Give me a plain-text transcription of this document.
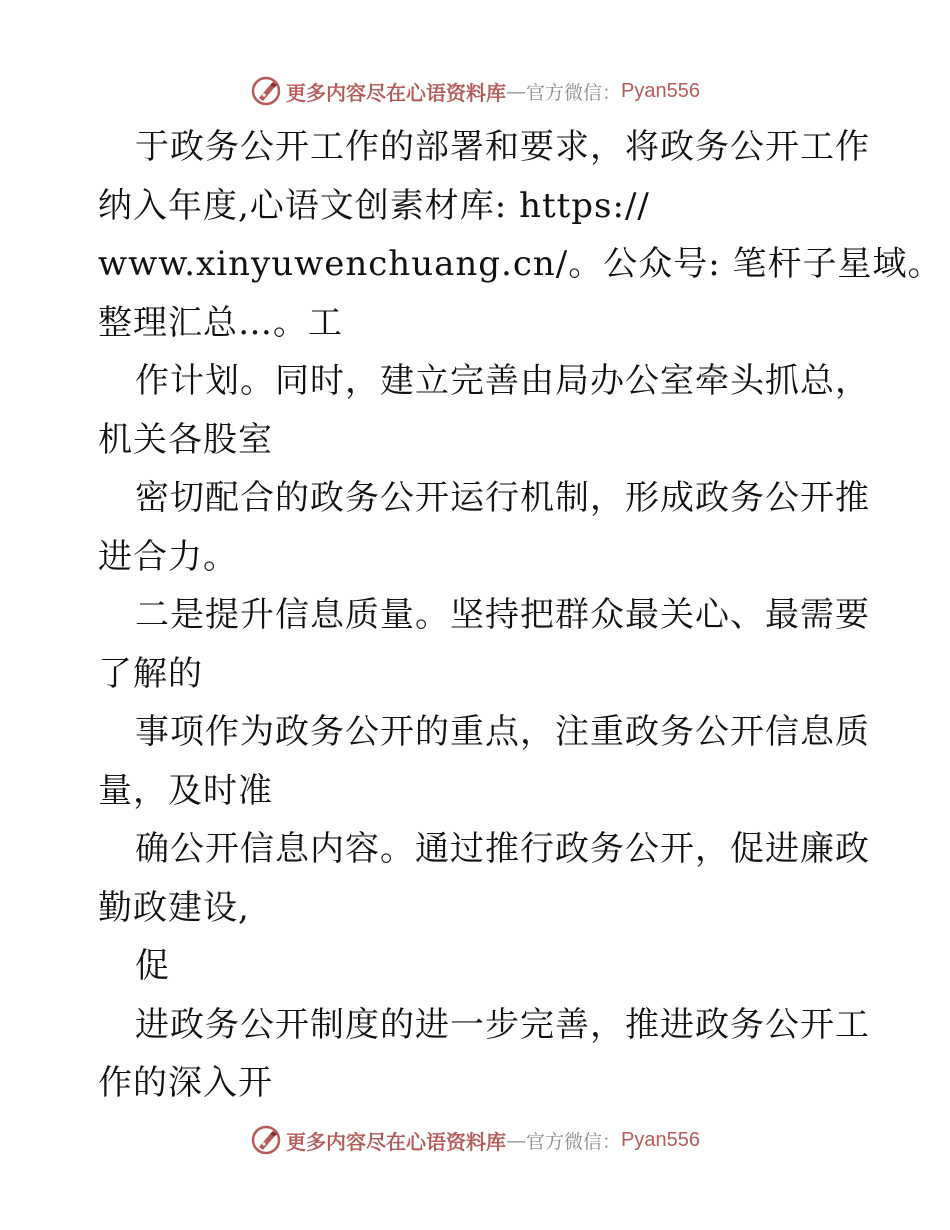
更多内容尽在心语资料库 — 官方微信： Pyan556
于政务公开工作的部署和要求，将政务公开工作
纳入年度,心语文创素材库: https://
www.xinyuwenchuang.cn/。公众号: 笔杆子星域。
整理汇总…。工
作计划。同时，建立完善由局办公室牵头抓总，
机关各股室
密切配合的政务公开运行机制，形成政务公开推
进合力。
二是提升信息质量。坚持把群众最关心、最需要
了解的
事项作为政务公开的重点，注重政务公开信息质
量，及时准
确公开信息内容。通过推行政务公开，促进廉政
勤政建设,
促
进政务公开制度的进一步完善，推进政务公开工
作的深入开
更多内容尽在心语资料库 — 官方微信： Pyan556
